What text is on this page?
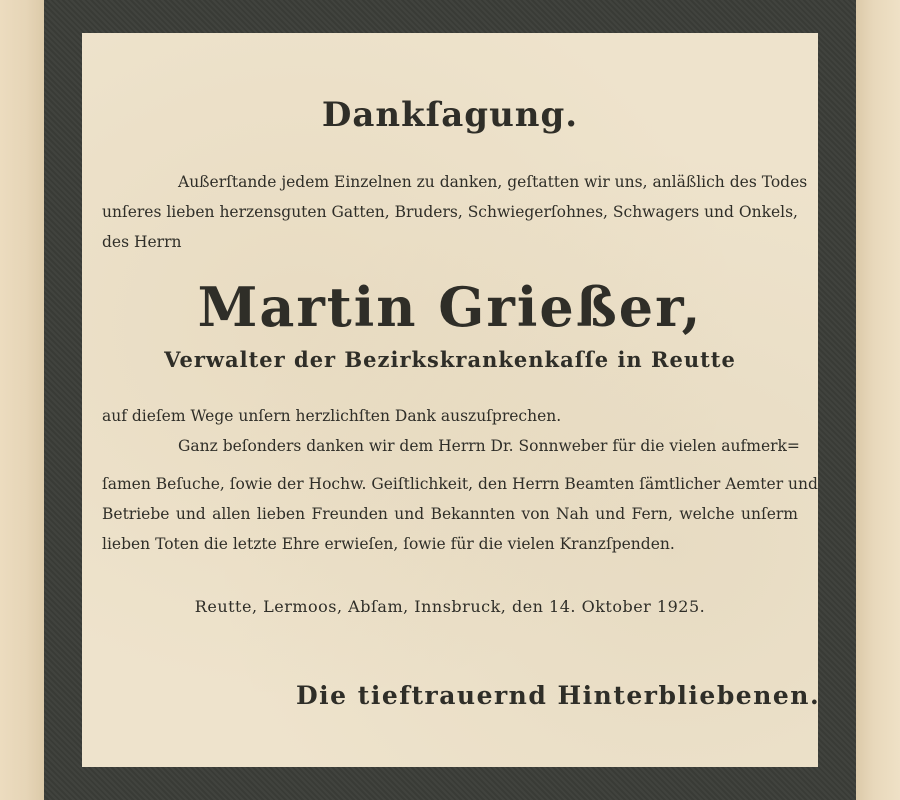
Dankſagung.
Außerſtande jedem Einzelnen zu danken, geſtatten wir uns, anläßlich des Todes
unſeres lieben herzensguten Gatten, Bruders, Schwiegerſohnes, Schwagers und Onkels,
des Herrn
Martin Grießer,
Verwalter der Bezirkskrankenkaſſe in Reutte
auf dieſem Wege unſern herzlichſten Dank auszuſprechen.
Ganz beſonders danken wir dem Herrn Dr. Sonnweber für die vielen aufmerk=
ſamen Beſuche, ſowie der Hochw. Geiſtlichkeit, den Herrn Beamten ſämtlicher Aemter und
Betriebe und allen lieben Freunden und Bekannten von Nah und Fern, welche unſerm
lieben Toten die letzte Ehre erwieſen, ſowie für die vielen Kranzſpenden.
Reutte, Lermoos, Abſam, Innsbruck, den 14. Oktober 1925.
Die tieftrauernd Hinterbliebenen.
